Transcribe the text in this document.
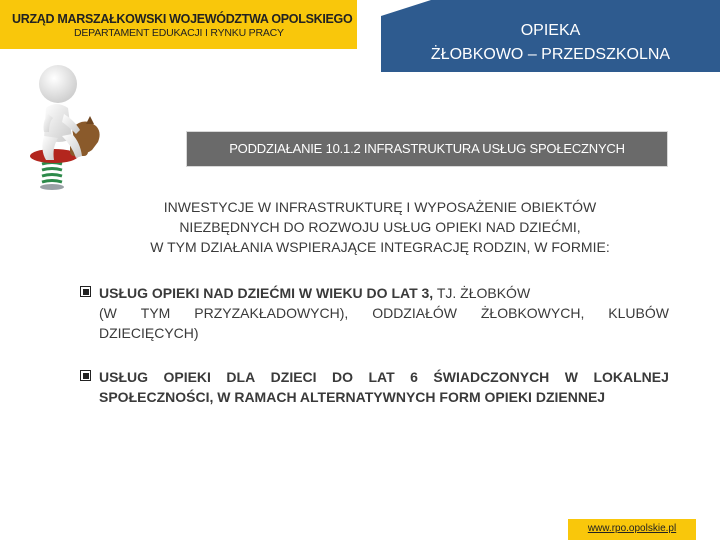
URZĄD MARSZAŁKOWSKI WOJEWÓDZTWA OPOLSKIEGO
DEPARTAMENT EDUKACJI I RYNKU PRACY	OPIEKA
ŻŁOBKOWO – PRZEDSZKOLNA
PODDZIAŁANIE 10.1.2 INFRASTRUKTURA USŁUG SPOŁECZNYCH
INWESTYCJE W INFRASTRUKTURĘ I WYPOSAŻENIE OBIEKTÓW
NIEZBĘDNYCH DO ROZWOJU USŁUG OPIEKI NAD DZIEĆMI,
W TYM DZIAŁANIA WSPIERAJĄCE INTEGRACJĘ RODZIN, W FORMIE:
USŁUG OPIEKI NAD DZIEĆMI W WIEKU DO LAT 3, TJ. ŻŁOBKÓW
(W TYM PRZYZAKŁADOWYCH), ODDZIAŁÓW ŻŁOBKOWYCH, KLUBÓW
DZIECIĘCYCH)
USŁUG OPIEKI DLA DZIECI DO LAT 6 ŚWIADCZONYCH W LOKALNEJ
SPOŁECZNOŚCI, W RAMACH ALTERNATYWNYCH FORM OPIEKI DZIENNEJ
www.rpo.opolskie.pl
